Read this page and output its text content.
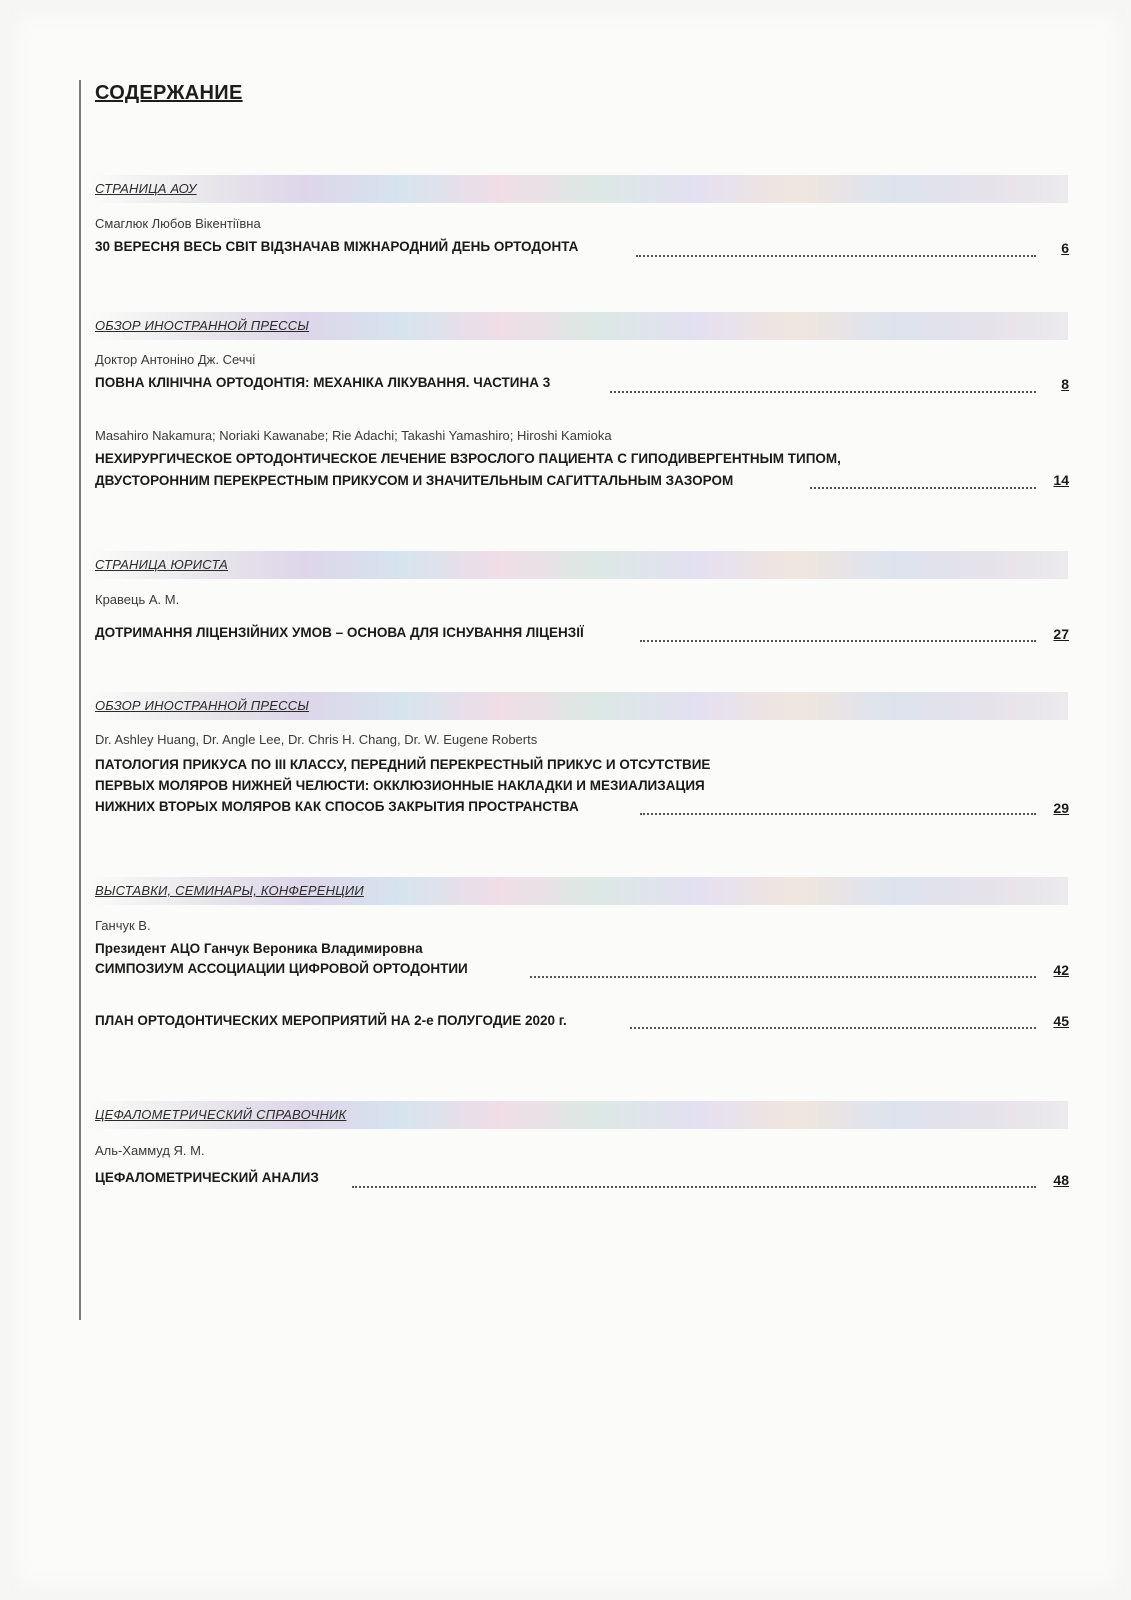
СОДЕРЖАНИЕ
СТРАНИЦА АОУ
Смаглюк Любов Вікентіївна
30 ВЕРЕСНЯ ВЕСЬ СВІТ ВІДЗНАЧАВ МІЖНАРОДНИЙ ДЕНЬ ОРТОДОНТА	6
ОБЗОР ИНОСТРАННОЙ ПРЕССЫ
Доктор Антоніно Дж. Сеччі
ПОВНА КЛІНІЧНА ОРТОДОНТІЯ: МЕХАНІКА ЛІКУВАННЯ. ЧАСТИНА 3	8
Masahiro Nakamura; Noriaki Kawanabe; Rie Adachi; Takashi Yamashiro; Hiroshi Kamioka
НЕХИРУРГИЧЕСКОЕ ОРТОДОНТИЧЕСКОЕ ЛЕЧЕНИЕ ВЗРОСЛОГО ПАЦИЕНТА С ГИПОДИВЕРГЕНТНЫМ ТИПОМ,
ДВУСТОРОННИМ ПЕРЕКРЕСТНЫМ ПРИКУСОМ И ЗНАЧИТЕЛЬНЫМ САГИТТАЛЬНЫМ ЗАЗОРОМ	14
СТРАНИЦА ЮРИСТА
Кравець А. М.
ДОТРИМАННЯ ЛІЦЕНЗІЙНИХ УМОВ – ОСНОВА ДЛЯ ІСНУВАННЯ ЛІЦЕНЗІЇ	27
ОБЗОР ИНОСТРАННОЙ ПРЕССЫ
Dr. Ashley Huang, Dr. Angle Lee, Dr. Chris H. Chang, Dr. W. Eugene Roberts
ПАТОЛОГИЯ ПРИКУСА ПО III КЛАССУ, ПЕРЕДНИЙ ПЕРЕКРЕСТНЫЙ ПРИКУС И ОТСУТСТВИЕ
ПЕРВЫХ МОЛЯРОВ НИЖНЕЙ ЧЕЛЮСТИ: ОККЛЮЗИОННЫЕ НАКЛАДКИ И МЕЗИАЛИЗАЦИЯ
НИЖНИХ ВТОРЫХ МОЛЯРОВ КАК СПОСОБ ЗАКРЫТИЯ ПРОСТРАНСТВА	29
ВЫСТАВКИ, СЕМИНАРЫ, КОНФЕРЕНЦИИ
Ганчук В.
Президент АЦО Ганчук Вероника Владимировна
СИМПОЗИУМ АССОЦИАЦИИ ЦИФРОВОЙ ОРТОДОНТИИ	42
ПЛАН ОРТОДОНТИЧЕСКИХ МЕРОПРИЯТИЙ НА 2-е ПОЛУГОДИЕ 2020 г.	45
ЦЕФАЛОМЕТРИЧЕСКИЙ СПРАВОЧНИК
Аль-Хаммуд Я. М.
ЦЕФАЛОМЕТРИЧЕСКИЙ АНАЛИЗ	48
